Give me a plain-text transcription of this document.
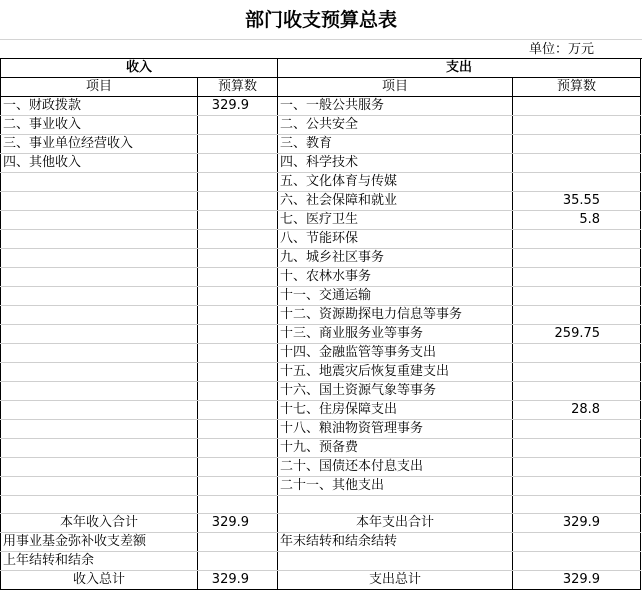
部门收支预算总表
单位：万元
收入		支出	
项目	预算数	项目	预算数
一、财政拨款	329.9	一、一般公共服务	
二、事业收入		二、公共安全	
三、事业单位经营收入		三、教育	
四、其他收入		四、科学技术	
		五、文化体育与传媒	
		六、社会保障和就业	35.55
		七、医疗卫生	5.8
		八、节能环保	
		九、城乡社区事务	
		十、农林水事务	
		十一、交通运输	
		十二、资源勘探电力信息等事务	
		十三、商业服务业等事务	259.75
		十四、金融监管等事务支出	
		十五、地震灾后恢复重建支出	
		十六、国土资源气象等事务	
		十七、住房保障支出	28.8
		十八、粮油物资管理事务	
		十九、预备费	
		二十、国债还本付息支出	
		二十一、其他支出	

本年收入合计	329.9	本年支出合计	329.9
用事业基金弥补收支差额		年末结转和结余结转	
上年结转和结余			
收入总计	329.9	支出总计	329.9
